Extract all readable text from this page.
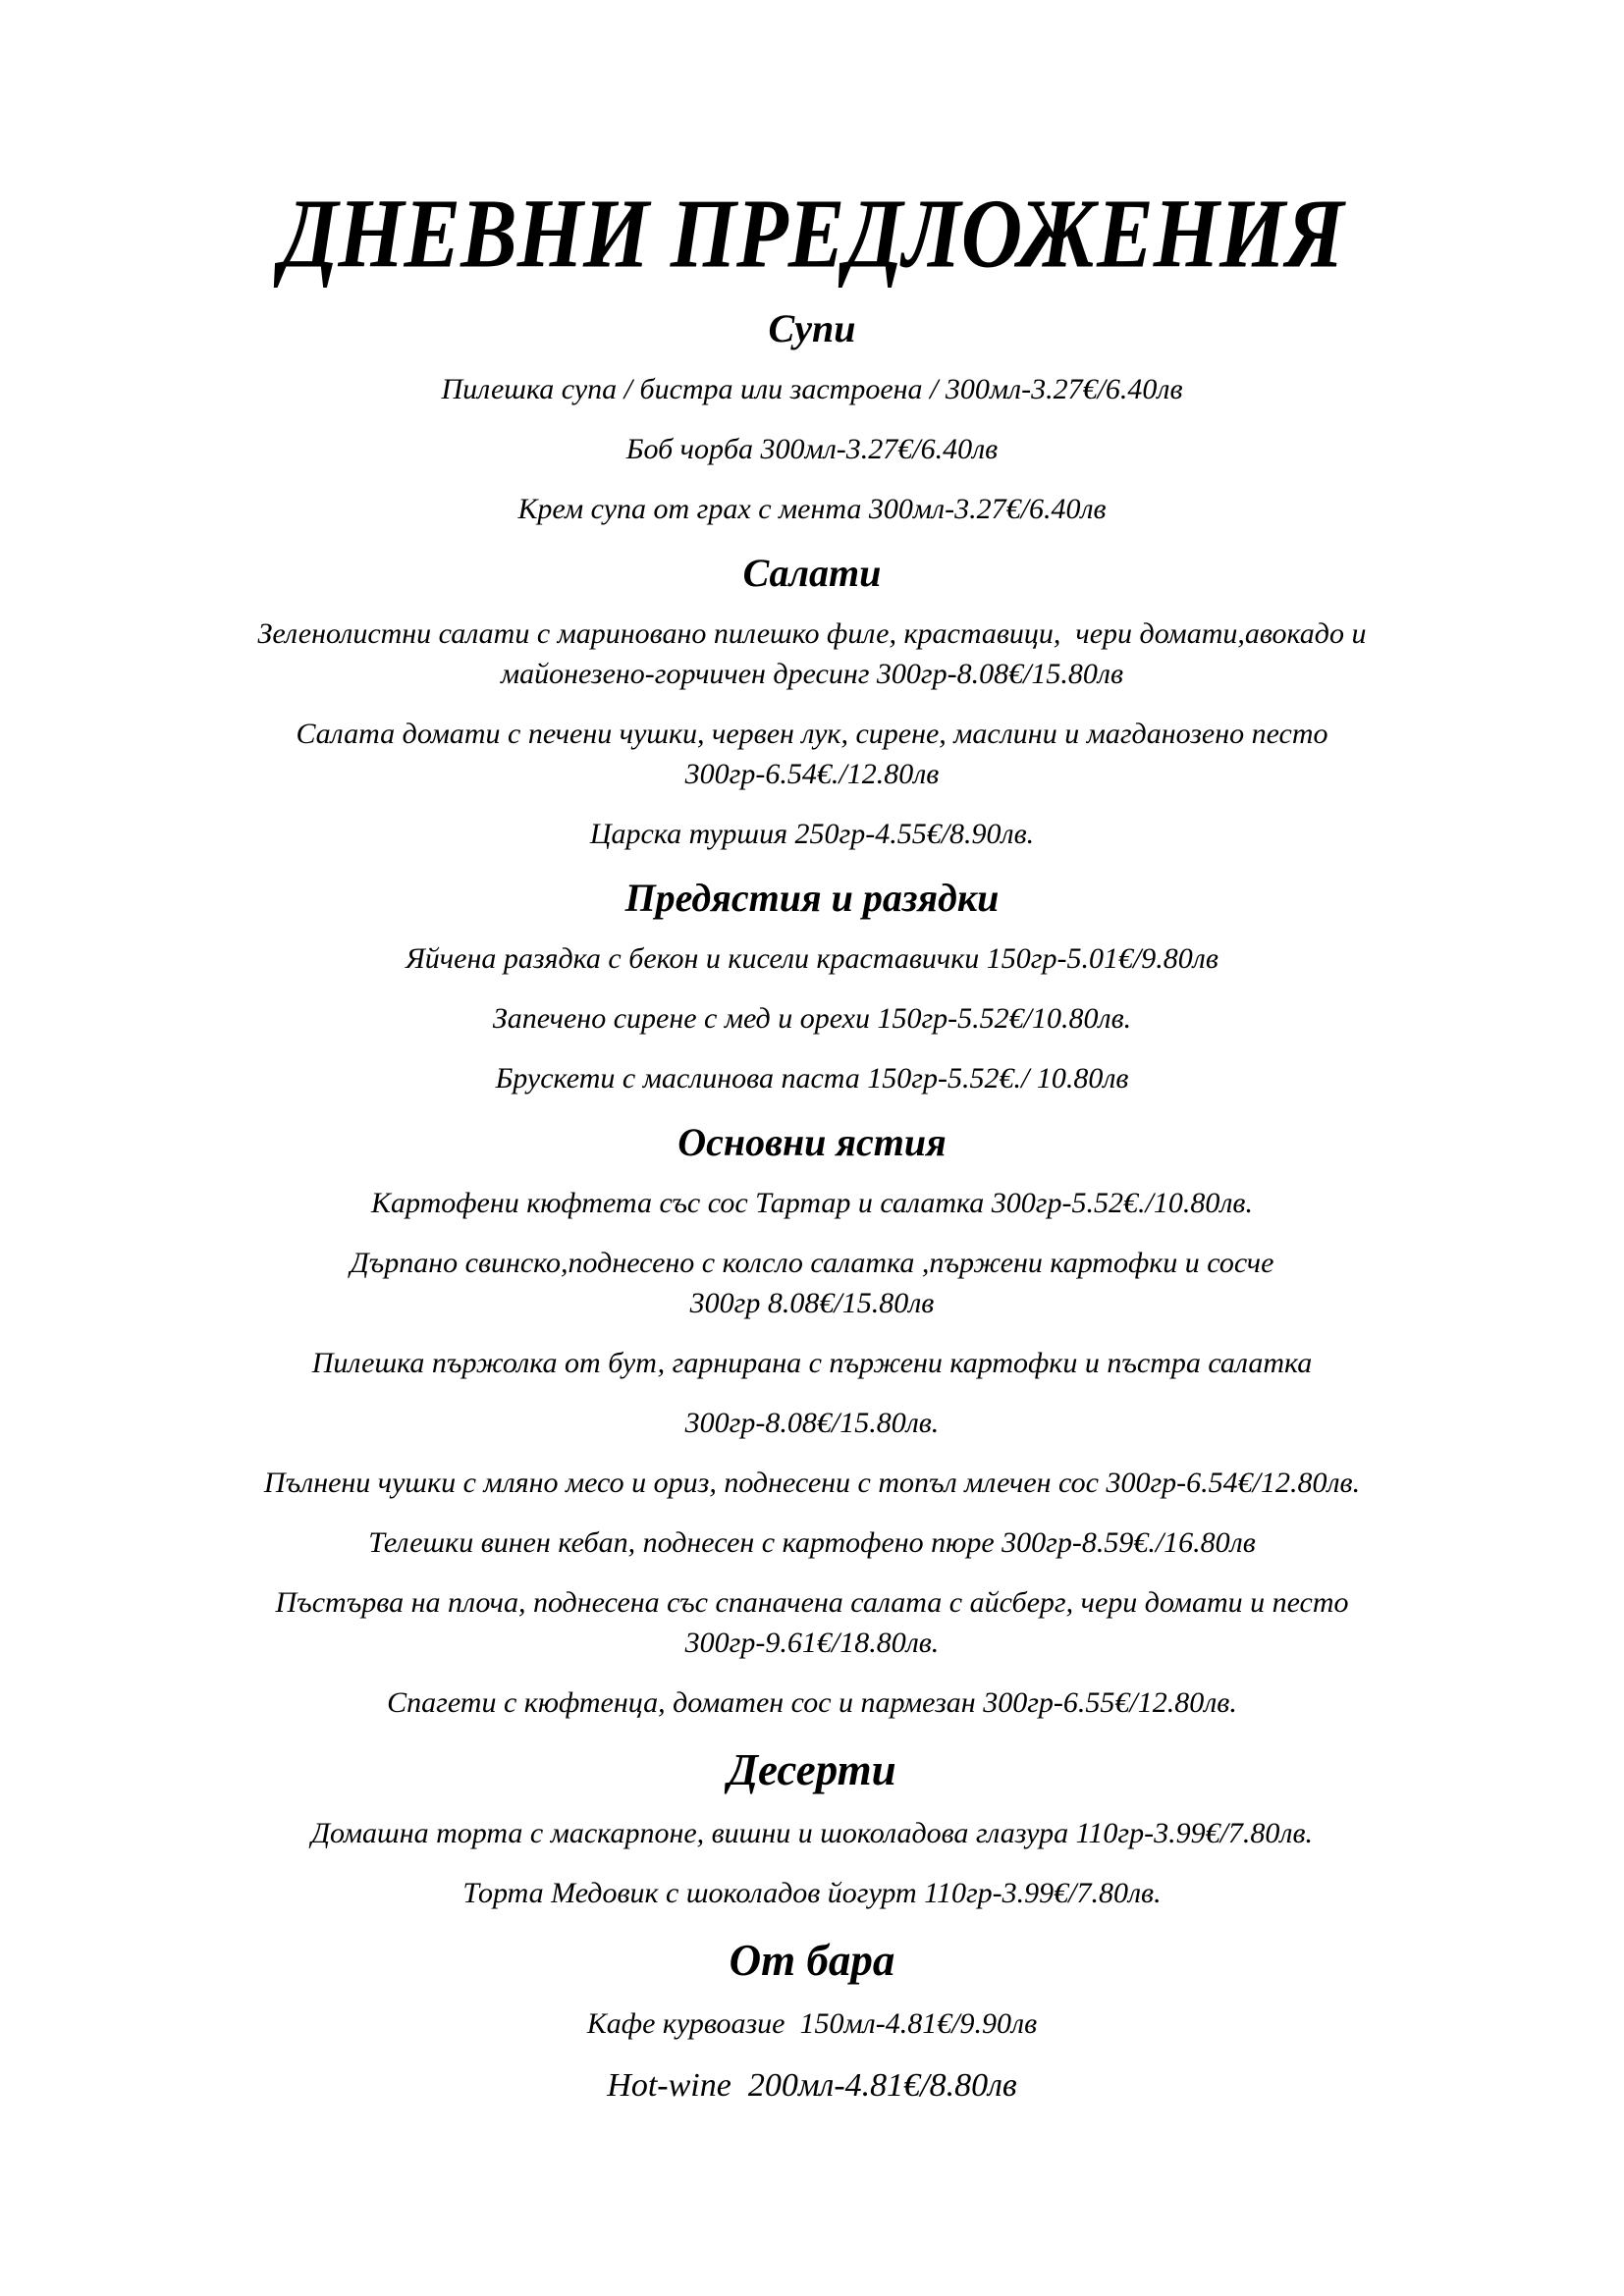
ДНЕВНИ ПРЕДЛОЖЕНИЯ
Супи

Пилешка супа / бистра или застроена / 300мл-3.27€/6.40лв

Боб чорба 300мл-3.27€/6.40лв

Крем супа от грах с мента 300мл-3.27€/6.40лв

Салати

Зеленолистни салати с мариновано пилешко филе, краставици,  чери домати,авокадо и
майонезено-горчичен дресинг 300гр-8.08€/15.80лв

Салата домати с печени чушки, червен лук, сирене, маслини и магданозено песто
300гр-6.54€./12.80лв

Царска туршия 250гр-4.55€/8.90лв.

Предястия и разядки

Яйчена разядка с бекон и кисели краставички 150гр-5.01€/9.80лв

Запечено сирене с мед и орехи 150гр-5.52€/10.80лв.

Брускети с маслинова паста 150гр-5.52€./ 10.80лв

Основни ястия

Картофени кюфтета със сос Тартар и салатка 300гр-5.52€./10.80лв.

Дърпано свинско,поднесено с колсло салатка ,пържени картофки и сосче
300гр 8.08€/15.80лв

Пилешка пържолка от бут, гарнирана с пържени картофки и пъстра салатка

300гр-8.08€/15.80лв.

Пълнени чушки с мляно месо и ориз, поднесени с топъл млечен сос 300гр-6.54€/12.80лв.

Телешки винен кебап, поднесен с картофено пюре 300гр-8.59€./16.80лв

Пъстърва на плоча, поднесена със спаначена салата с айсберг, чери домати и песто
300гр-9.61€/18.80лв.

Спагети с кюфтенца, доматен сос и пармезан 300гр-6.55€/12.80лв.

Десерти

Домашна торта с маскарпоне, вишни и шоколадова глазура 110гр-3.99€/7.80лв.

Торта Медовик с шоколадов йогурт 110гр-3.99€/7.80лв.

От бара

Кафе курвоазие  150мл-4.81€/9.90лв

Hot-wine  200мл-4.81€/8.80лв
